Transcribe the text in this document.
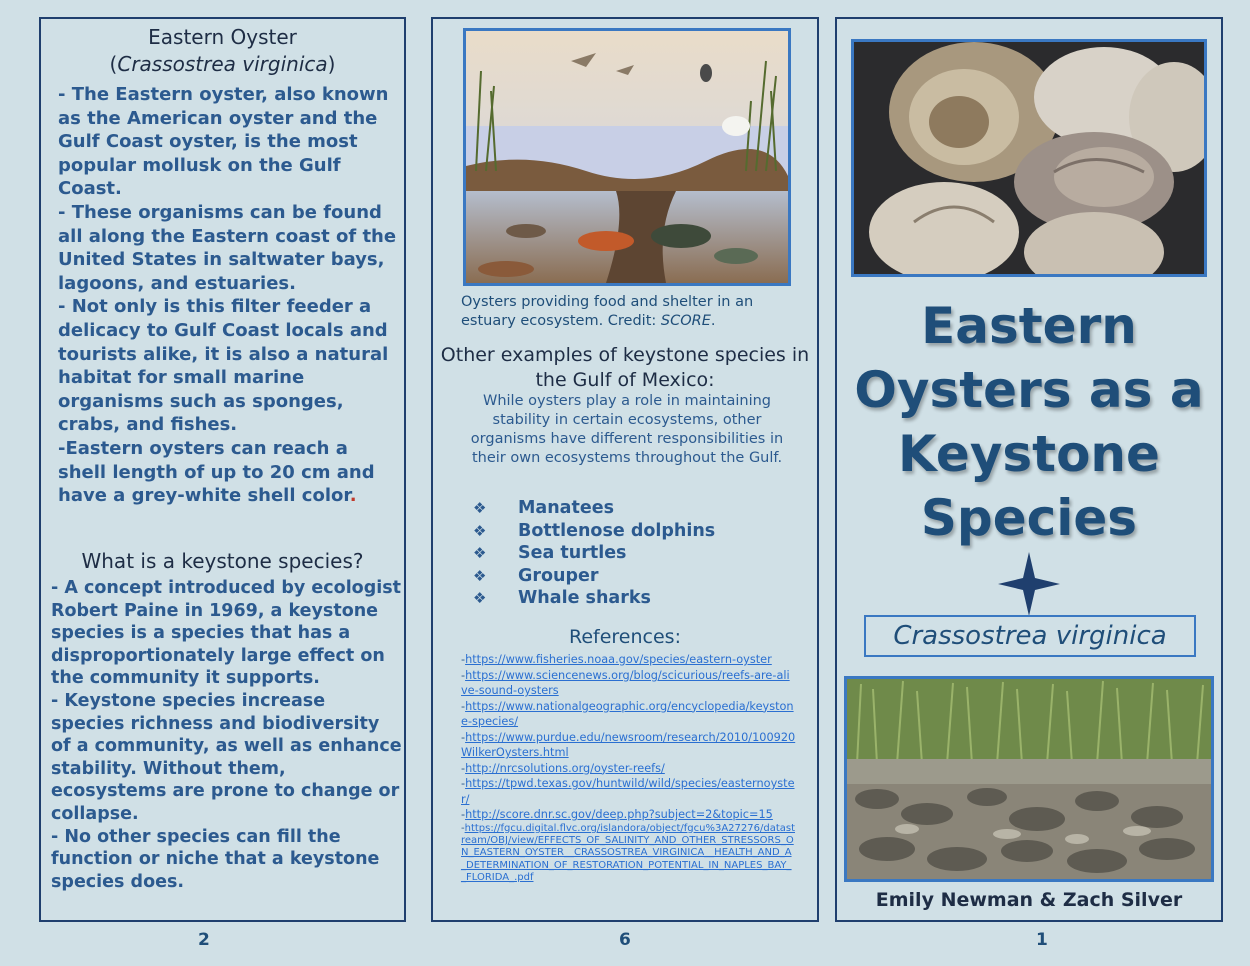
Eastern Oyster
(Crassostrea virginica)

- The Eastern oyster, also known as the American oyster and the Gulf Coast oyster, is the most popular mollusk on the Gulf Coast.

- These organisms can be found all along the Eastern coast of the United States in saltwater bays, lagoons, and estuaries.

- Not only is this filter feeder a delicacy to Gulf Coast locals and tourists alike, it is also a natural habitat for small marine organisms such as sponges, crabs, and fishes.

-Eastern oysters can reach a shell length of up to 20 cm and have a grey-white shell color.

What is a keystone species?

- A concept introduced by ecologist Robert Paine in 1969, a keystone species is a species that has a disproportionately large effect on the community it supports.

- Keystone species increase species richness and biodiversity of a community, as well as enhance stability. Without them, ecosystems are prone to change or collapse.

- No other species can fill the function or niche that a keystone species does.

2
Oysters providing food and shelter in an estuary ecosystem. Credit: SCORE.
Other examples of keystone species in the Gulf of Mexico:
While oysters play a role in maintaining stability in certain ecosystems, other organisms have different responsibilities in their own ecosystems throughout the Gulf.
❖	Manatees
❖	Bottlenose dolphins
❖	Sea turtles
❖	Grouper
❖	Whale sharks
References:
-https://www.fisheries.noaa.gov/species/eastern-oyster
-https://www.sciencenews.org/blog/scicurious/reefs-are-alive-sound-oysters
-https://www.nationalgeographic.org/encyclopedia/keystone-species/
-https://www.purdue.edu/newsroom/research/2010/100920WilkerOysters.html
-http://nrcsolutions.org/oyster-reefs/
-https://tpwd.texas.gov/huntwild/wild/species/easternoyster/
-http://score.dnr.sc.gov/deep.php?subject=2&topic=15
-https://fgcu.digital.flvc.org/islandora/object/fgcu%3A27276/datastream/OBJ/view/EFFECTS_OF_SALINITY_AND_OTHER_STRESSORS_ON_EASTERN_OYSTER__CRASSOSTREA_VIRGINICA__HEALTH_AND_A_DETERMINATION_OF_RESTORATION_POTENTIAL_IN_NAPLES_BAY__FLORIDA_.pdf
6
Eastern Oysters as a Keystone Species
Crassostrea virginica
Emily Newman & Zach Silver
1
